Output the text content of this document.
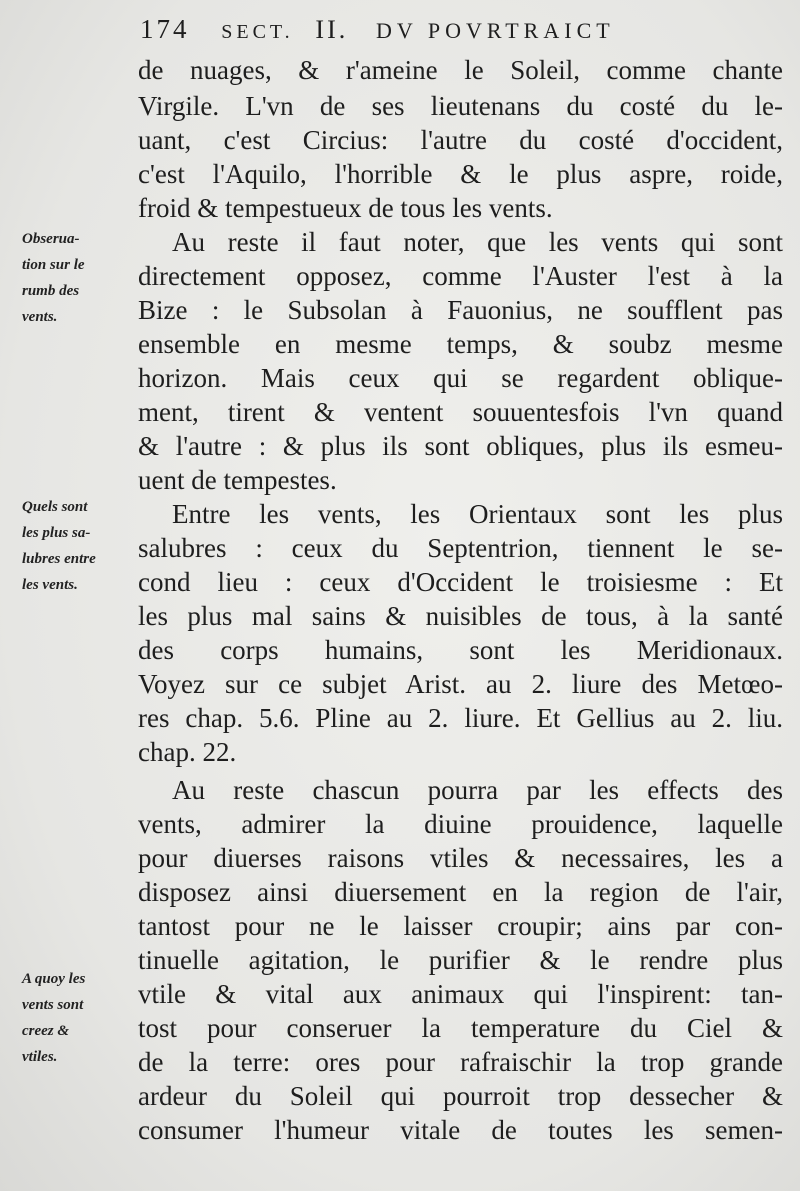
174 SECT. II. DV POVRTRAICT
de nuages, & r'ameine le Soleil, comme chante
Virgile. L'vn de ses lieutenans du costé du le-
uant, c'est Circius: l'autre du costé d'occident,
c'est l'Aquilo, l'horrible & le plus aspre, roide,
froid & tempestueux de tous les vents.
Au reste il faut noter, que les vents qui sont
directement opposez, comme l'Auster l'est à la
Bize : le Subsolan à Fauonius, ne soufflent pas
ensemble en mesme temps, & soubz mesme
horizon. Mais ceux qui se regardent oblique-
ment, tirent & ventent souuentesfois l'vn quand
& l'autre : & plus ils sont obliques, plus ils esmeu-
uent de tempestes.
Entre les vents, les Orientaux sont les plus
salubres : ceux du Septentrion, tiennent le se-
cond lieu : ceux d'Occident le troisiesme : Et
les plus mal sains & nuisibles de tous, à la santé
des corps humains, sont les Meridionaux.
Voyez sur ce subjet Arist. au 2. liure des Metœo-
res chap. 5.6. Pline au 2. liure. Et Gellius au 2. liu.
chap. 22.
Au reste chascun pourra par les effects des
vents, admirer la diuine prouidence, laquelle
pour diuerses raisons vtiles & necessaires, les a
disposez ainsi diuersement en la region de l'air,
tantost pour ne le laisser croupir; ains par con-
tinuelle agitation, le purifier & le rendre plus
vtile & vital aux animaux qui l'inspirent: tan-
tost pour conseruer la temperature du Ciel &
de la terre: ores pour rafraischir la trop grande
ardeur du Soleil qui pourroit trop dessecher &
consumer l'humeur vitale de toutes les semen-
Obserua-
tion sur le
rumb des
vents.
Quels sont
les plus sa-
lubres entre
les vents.
A quoy les
vents sont
creez &
vtiles.
